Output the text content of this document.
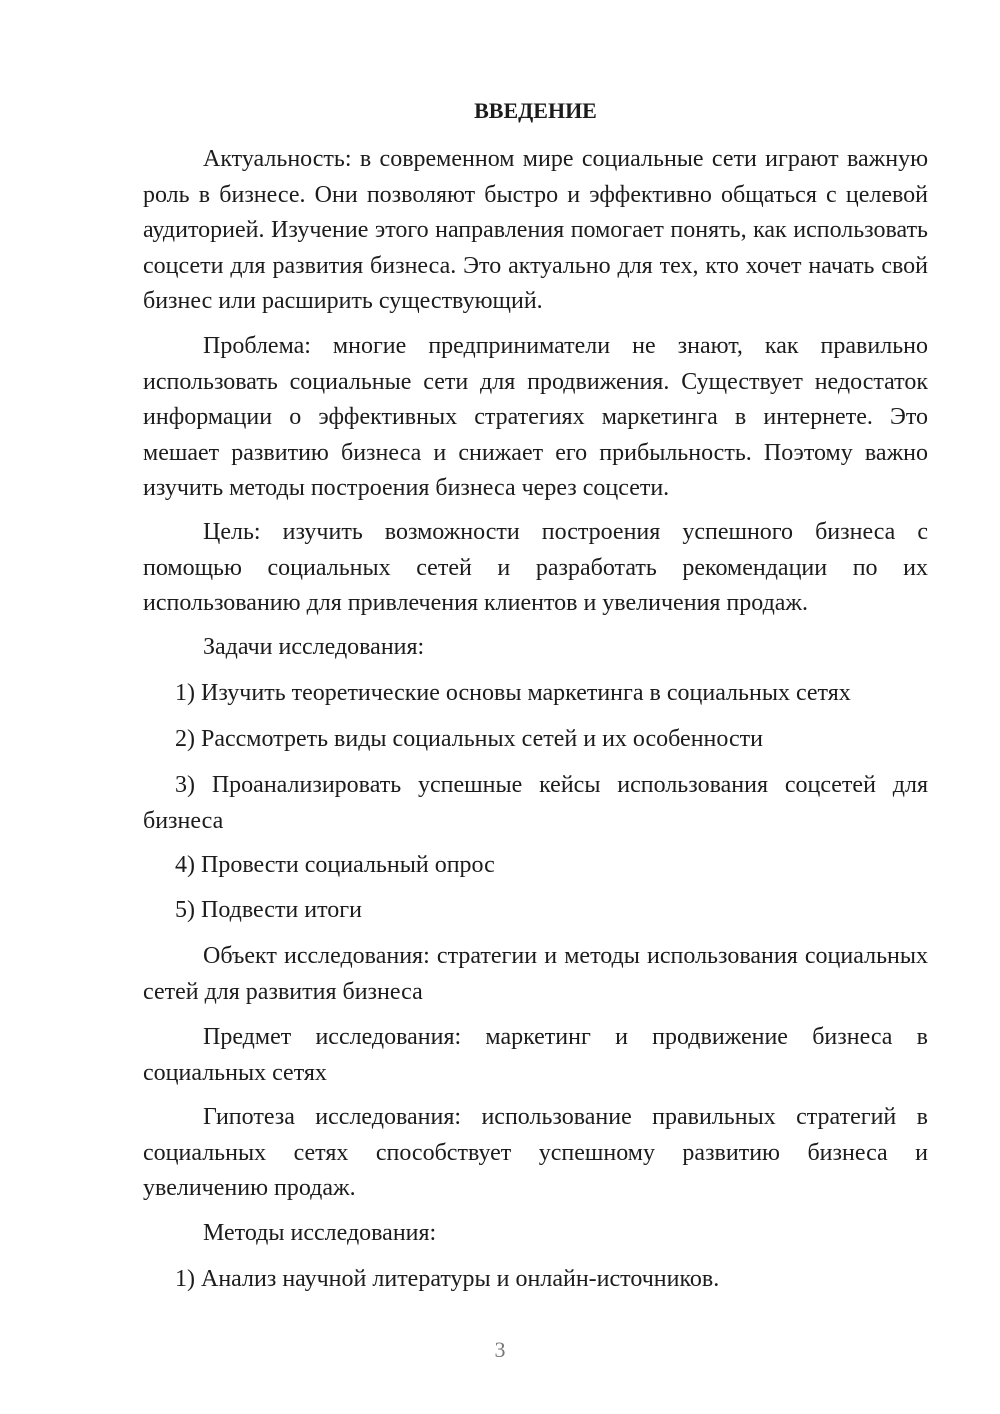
ВВЕДЕНИЕ

Актуальность: в современном мире социальные сети играют важную роль в бизнесе. Они позволяют быстро и эффективно общаться с целевой аудиторией. Изучение этого направления помогает понять, как использовать соцсети для развития бизнеса. Это актуально для тех, кто хочет начать свой бизнес или расширить существующий.

Проблема: многие предприниматели не знают, как правильно использовать социальные сети для продвижения. Существует недостаток информации о эффективных стратегиях маркетинга в интернете. Это мешает развитию бизнеса и снижает его прибыльность. Поэтому важно изучить методы построения бизнеса через соцсети.

Цель: изучить возможности построения успешного бизнеса с помощью социальных сетей и разработать рекомендации по их использованию для привлечения клиентов и увеличения продаж.

Задачи исследования:

1) Изучить теоретические основы маркетинга в социальных сетях

2) Рассмотреть виды социальных сетей и их особенности

3) Проанализировать успешные кейсы использования соцсетей для бизнеса

4) Провести социальный опрос

5) Подвести итоги

Объект исследования: стратегии и методы использования социальных сетей для развития бизнеса

Предмет исследования: маркетинг и продвижение бизнеса в социальных сетях

Гипотеза исследования: использование правильных стратегий в социальных сетях способствует успешному развитию бизнеса и увеличению продаж.

Методы исследования:

1) Анализ научной литературы и онлайн-источников.

3
